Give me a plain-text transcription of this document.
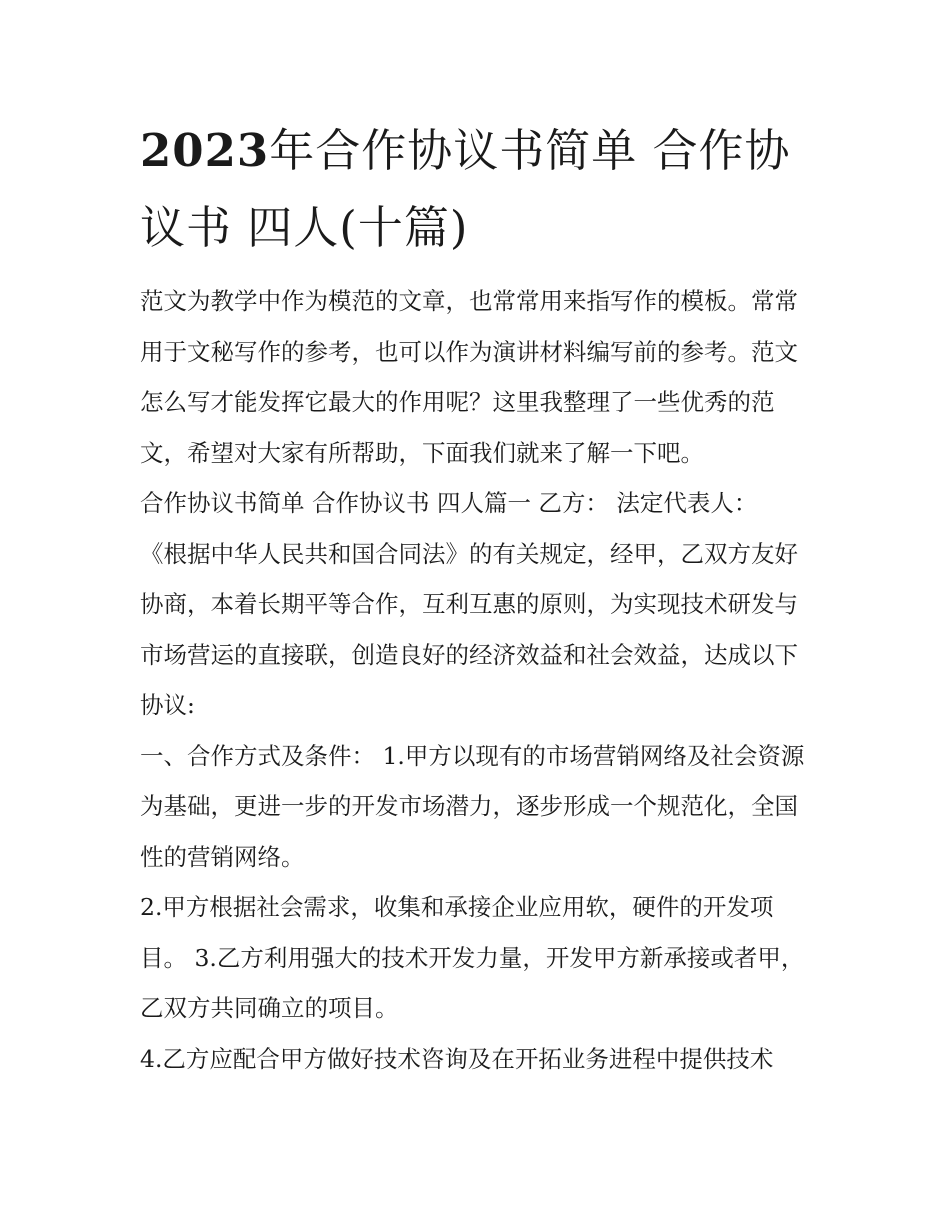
2023年合作协议书简单 合作协议书 四人(十篇)

范文为教学中作为模范的文章，也常常用来指写作的模板。常常用于文秘写作的参考，也可以作为演讲材料编写前的参考。范文怎么写才能发挥它最大的作用呢？这里我整理了一些优秀的范文，希望对大家有所帮助，下面我们就来了解一下吧。

合作协议书简单 合作协议书 四人篇一 乙方： 法定代表人：

《根据中华人民共和国合同法》的有关规定，经甲，乙双方友好协商，本着长期平等合作，互利互惠的原则，为实现技术研发与市场营运的直接联，创造良好的经济效益和社会效益，达成以下协议:

一、合作方式及条件： 1.甲方以现有的市场营销网络及社会资源为基础，更进一步的开发市场潜力，逐步形成一个规范化，全国性的营销网络。

2.甲方根据社会需求，收集和承接企业应用软，硬件的开发项目。 3.乙方利用强大的技术开发力量，开发甲方新承接或者甲，乙双方共同确立的项目。

4.乙方应配合甲方做好技术咨询及在开拓业务进程中提供技术
